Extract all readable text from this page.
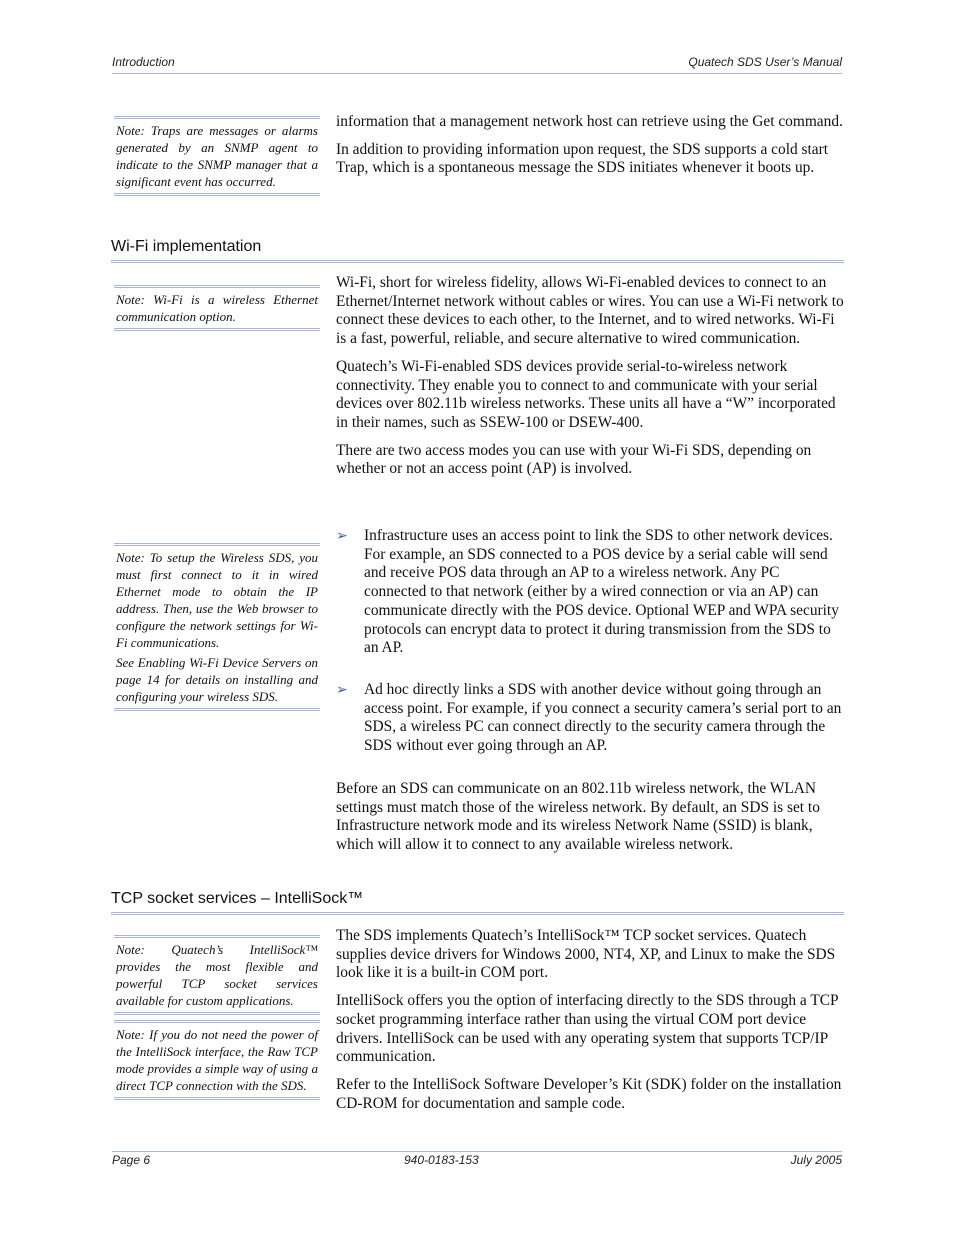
Introduction	Quatech SDS User’s Manual

Note: Traps are messages or alarms generated by an SNMP agent to indicate to the SNMP manager that a significant event has occurred.

information that a management network host can retrieve using the Get command.

In addition to providing information upon request, the SDS supports a cold start Trap, which is a spontaneous message the SDS initiates whenever it boots up.

Wi-Fi implementation

Note: Wi-Fi is a wireless Ethernet communication option.

Wi-Fi, short for wireless fidelity, allows Wi-Fi-enabled devices to connect to an Ethernet/Internet network without cables or wires. You can use a Wi-Fi network to connect these devices to each other, to the Internet, and to wired networks. Wi-Fi is a fast, powerful, reliable, and secure alternative to wired communication.

Quatech’s Wi-Fi-enabled SDS devices provide serial-to-wireless network connectivity. They enable you to connect to and communicate with your serial devices over 802.11b wireless networks. These units all have a “W” incorporated in their names, such as SSEW-100 or DSEW-400.

There are two access modes you can use with your Wi-Fi SDS, depending on whether or not an access point (AP) is involved.

Note: To setup the Wireless SDS, you must first connect to it in wired Ethernet mode to obtain the IP address. Then, use the Web browser to configure the network settings for Wi-Fi communications.

See Enabling Wi-Fi Device Servers on page 14 for details on installing and configuring your wireless SDS.

➢ Infrastructure uses an access point to link the SDS to other network devices.

For example, an SDS connected to a POS device by a serial cable will send and receive POS data through an AP to a wireless network. Any PC connected to that network (either by a wired connection or via an AP) can communicate directly with the POS device. Optional WEP and WPA security protocols can encrypt data to protect it during transmission from the SDS to an AP.

➢ Ad hoc directly links a SDS with another device without going through an access point. For example, if you connect a security camera’s serial port to an SDS, a wireless PC can connect directly to the security camera through the SDS without ever going through an AP.

Before an SDS can communicate on an 802.11b wireless network, the WLAN settings must match those of the wireless network. By default, an SDS is set to Infrastructure network mode and its wireless Network Name (SSID) is blank, which will allow it to connect to any available wireless network.

TCP socket services – IntelliSock™

Note: Quatech’s IntelliSock™ provides the most flexible and powerful TCP socket services available for custom applications.

Note: If you do not need the power of the IntelliSock interface, the Raw TCP mode provides a simple way of using a direct TCP connection with the SDS.

The SDS implements Quatech’s IntelliSock™ TCP socket services. Quatech supplies device drivers for Windows 2000, NT4, XP, and Linux to make the SDS look like it is a built-in COM port.

IntelliSock offers you the option of interfacing directly to the SDS through a TCP socket programming interface rather than using the virtual COM port device drivers. IntelliSock can be used with any operating system that supports TCP/IP communication.

Refer to the IntelliSock Software Developer’s Kit (SDK) folder on the installation CD-ROM for documentation and sample code.

Page 6	940-0183-153	July 2005
